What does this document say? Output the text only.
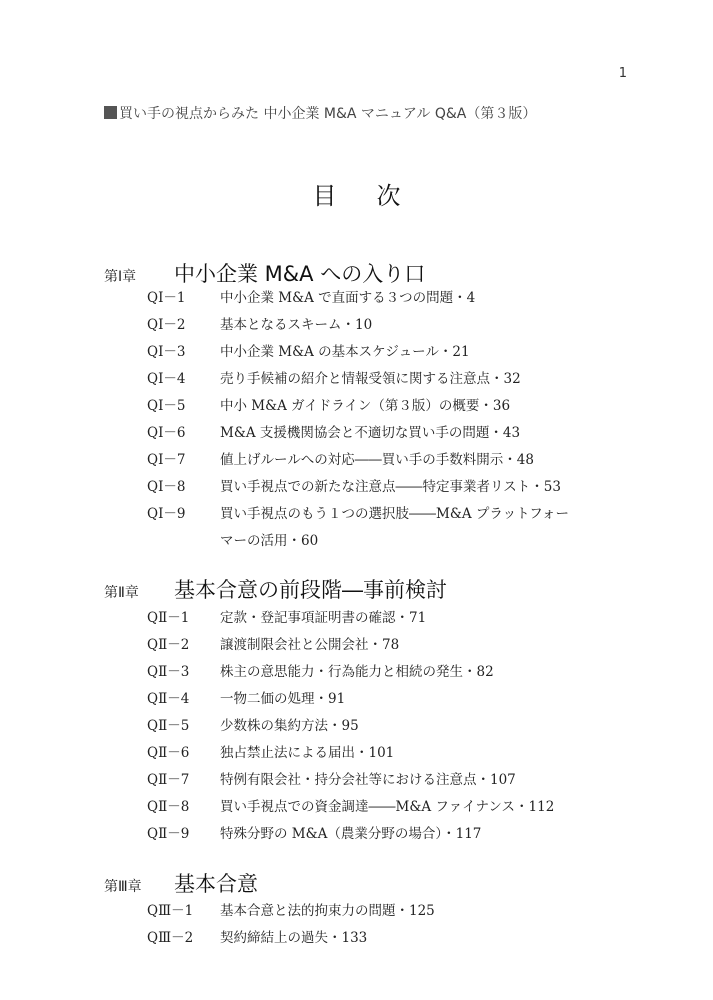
1
買い手の視点からみた 中小企業 M&A マニュアル Q&A（第３版）
目次
第Ⅰ章	中小企業 M&A への入り口
QⅠ－1	中小企業 M&A で直面する３つの問題・4
QⅠ－2	基本となるスキーム・10
QⅠ－3	中小企業 M&A の基本スケジュール・21
QⅠ－4	売り手候補の紹介と情報受領に関する注意点・32
QⅠ－5	中小 M&A ガイドライン（第３版）の概要・36
QⅠ－6	M&A 支援機関協会と不適切な買い手の問題・43
QⅠ－7	値上げルールへの対応――買い手の手数料開示・48
QⅠ－8	買い手視点での新たな注意点――特定事業者リスト・53
QⅠ－9	買い手視点のもう１つの選択肢――M&A プラットフォー
マーの活用・60
第Ⅱ章	基本合意の前段階―事前検討
QⅡ－1	定款・登記事項証明書の確認・71
QⅡ－2	譲渡制限会社と公開会社・78
QⅡ－3	株主の意思能力・行為能力と相続の発生・82
QⅡ－4	一物二価の処理・91
QⅡ－5	少数株の集約方法・95
QⅡ－6	独占禁止法による届出・101
QⅡ－7	特例有限会社・持分会社等における注意点・107
QⅡ－8	買い手視点での資金調達――M&A ファイナンス・112
QⅡ－9	特殊分野の M&A（農業分野の場合）・117
第Ⅲ章	基本合意
QⅢ－1	基本合意と法的拘束力の問題・125
QⅢ－2	契約締結上の過失・133
